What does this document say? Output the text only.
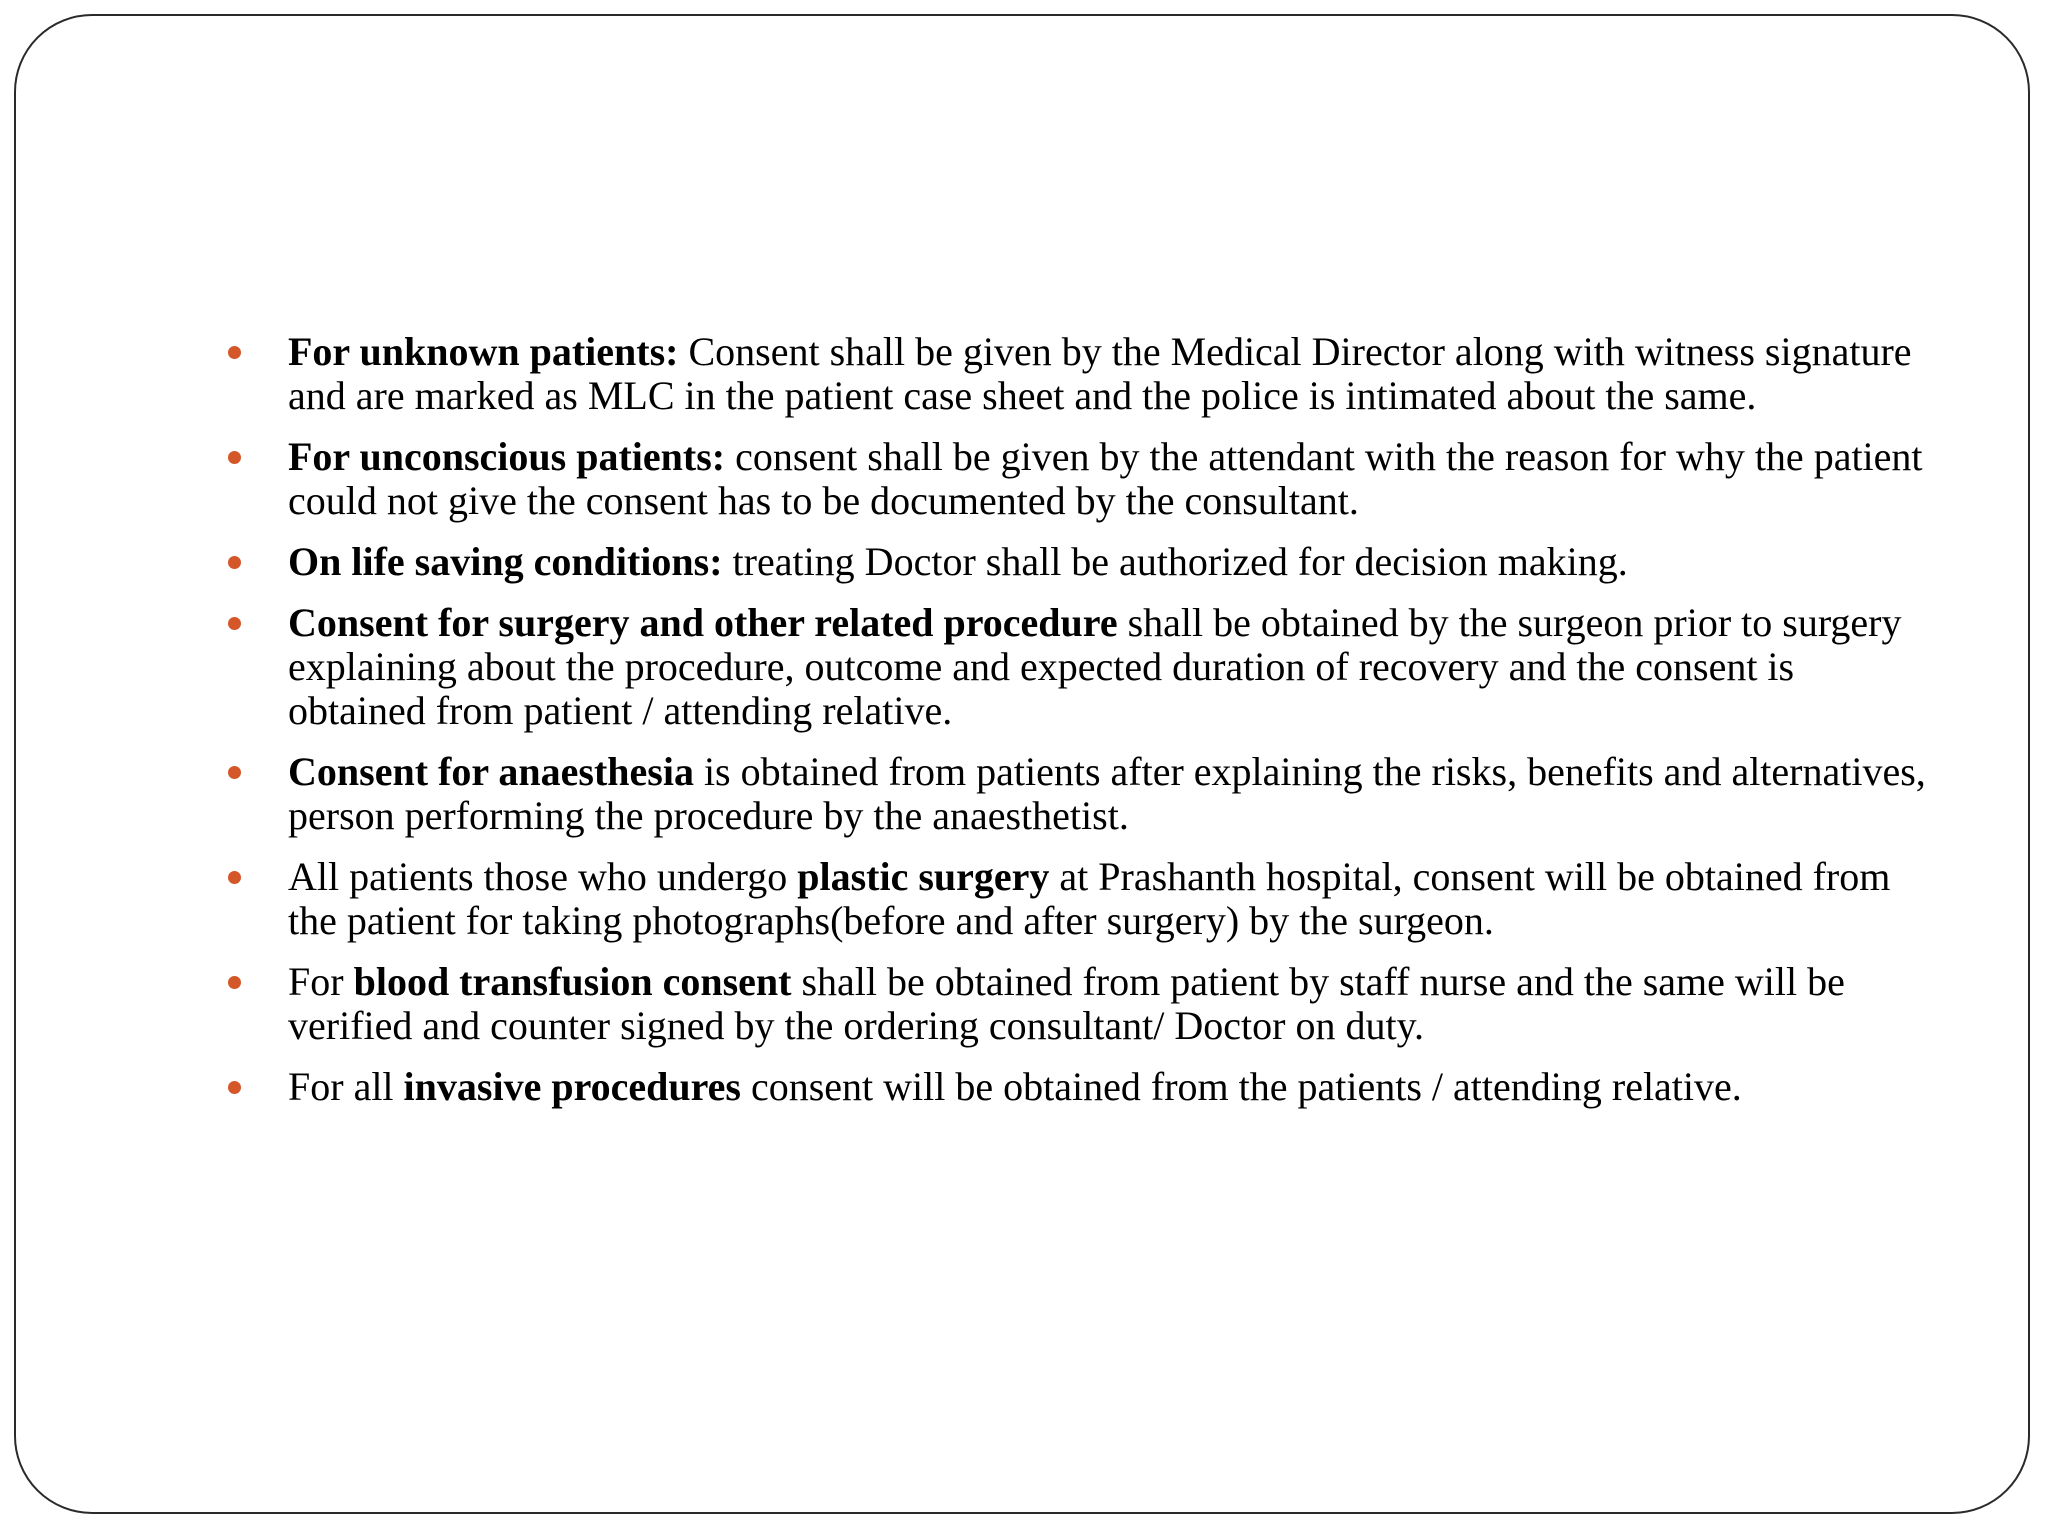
For unknown patients: Consent shall be given by the Medical Director along with witness signature and are marked as MLC in the patient case sheet and the police is intimated about the same.
For unconscious patients: consent shall be given by the attendant with the reason for why the patient could not give the consent has to be documented by the consultant.
On life saving conditions: treating Doctor shall be authorized for decision making.
Consent for surgery and other related procedure shall be obtained by the surgeon prior to surgery explaining about the procedure, outcome and expected duration of recovery and the consent is obtained from patient / attending relative.
Consent for anaesthesia is obtained from patients after explaining the risks, benefits and alternatives, person performing the procedure by the anaesthetist.
All patients those who undergo plastic surgery at Prashanth hospital, consent will be obtained from the patient for taking photographs(before and after surgery) by the surgeon.
For blood transfusion consent shall be obtained from patient by staff nurse and the same will be verified and counter signed by the ordering consultant/ Doctor on duty.
For all invasive procedures consent will be obtained from the patients / attending relative.
